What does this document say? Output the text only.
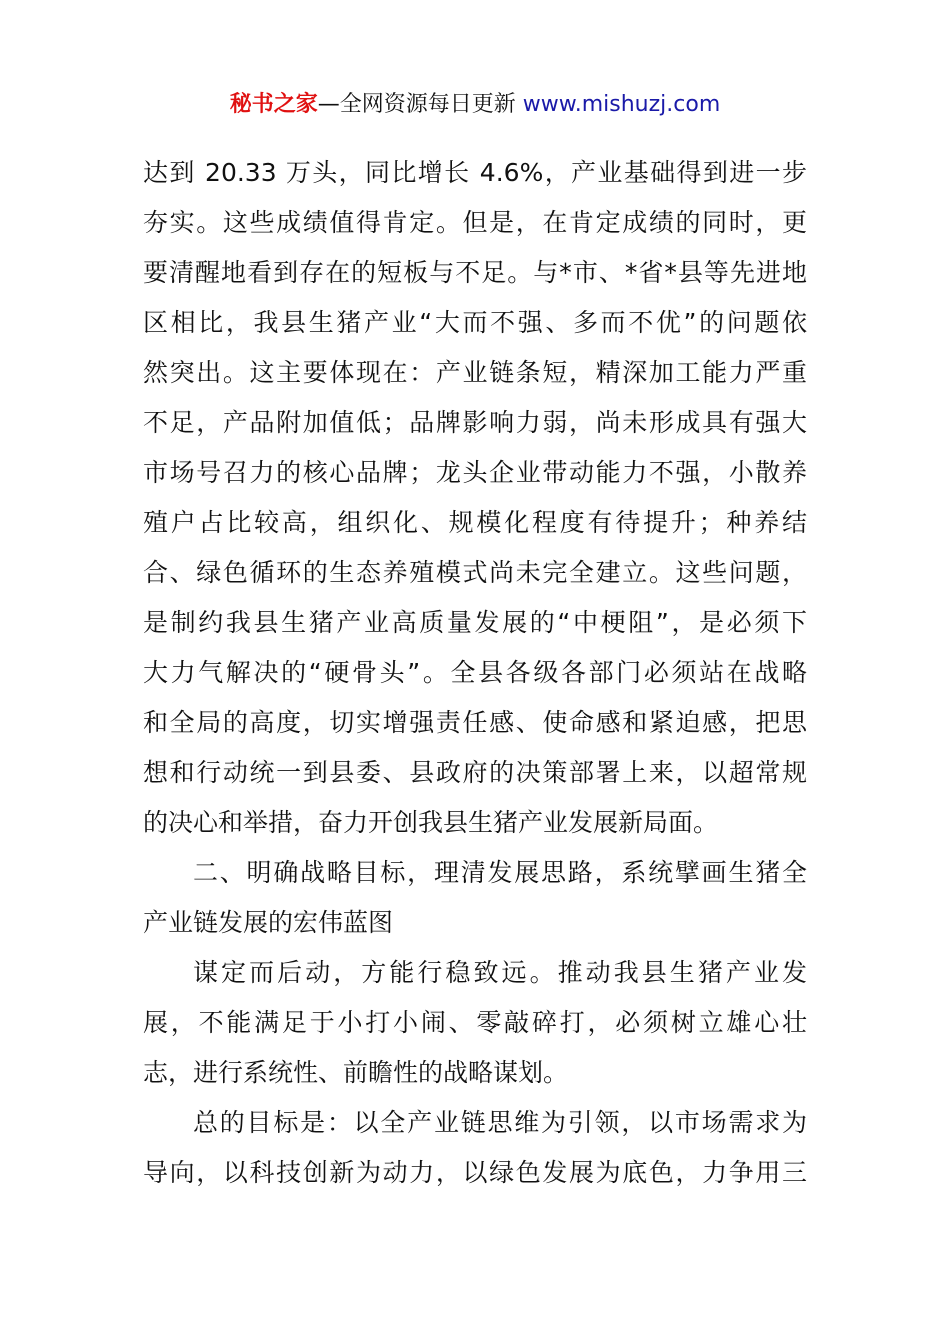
秘书之家—全网资源每日更新 www.mishuzj.com
达到 20.33 万头，同比增长 4.6%，产业基础得到进一步
夯实。这些成绩值得肯定。但是，在肯定成绩的同时，更
要清醒地看到存在的短板与不足。与*市、*省*县等先进地
区相比，我县生猪产业“大而不强、多而不优”的问题依
然突出。这主要体现在：产业链条短，精深加工能力严重
不足，产品附加值低；品牌影响力弱，尚未形成具有强大
市场号召力的核心品牌；龙头企业带动能力不强，小散养
殖户占比较高，组织化、规模化程度有待提升；种养结
合、绿色循环的生态养殖模式尚未完全建立。这些问题，
是制约我县生猪产业高质量发展的“中梗阻”，是必须下
大力气解决的“硬骨头”。全县各级各部门必须站在战略
和全局的高度，切实增强责任感、使命感和紧迫感，把思
想和行动统一到县委、县政府的决策部署上来，以超常规
的决心和举措，奋力开创我县生猪产业发展新局面。
二、明确战略目标，理清发展思路，系统擘画生猪全
产业链发展的宏伟蓝图
谋定而后动，方能行稳致远。推动我县生猪产业发
展，不能满足于小打小闹、零敲碎打，必须树立雄心壮
志，进行系统性、前瞻性的战略谋划。
总的目标是：以全产业链思维为引领，以市场需求为
导向，以科技创新为动力，以绿色发展为底色，力争用三
